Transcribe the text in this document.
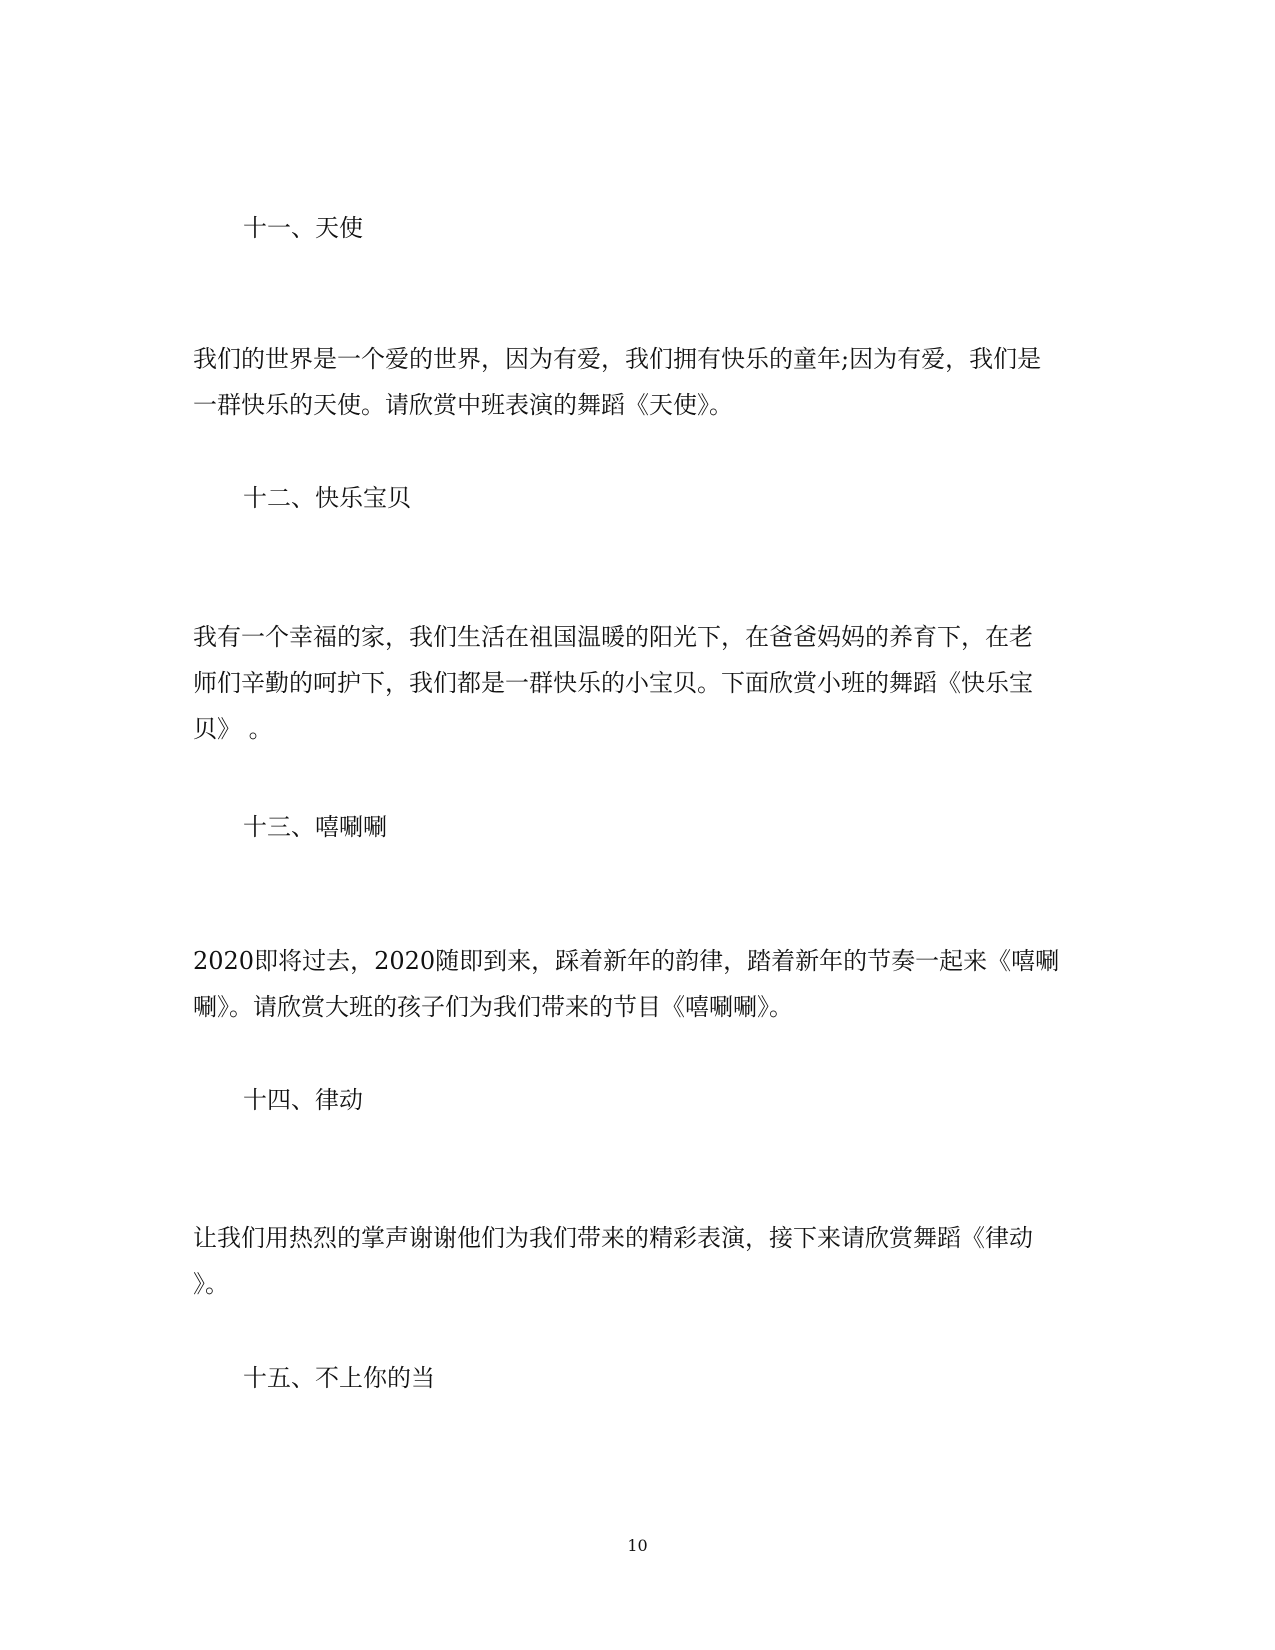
十一、天使
我们的世界是一个爱的世界，因为有爱，我们拥有快乐的童年;因为有爱，我们是
一群快乐的天使。请欣赏中班表演的舞蹈《天使》。
十二、快乐宝贝
我有一个幸福的家，我们生活在祖国温暖的阳光下，在爸爸妈妈的养育下，在老
师们辛勤的呵护下，我们都是一群快乐的小宝贝。下面欣赏小班的舞蹈《快乐宝
贝》 。
十三、嘻唰唰
2020即将过去，2020随即到来，踩着新年的韵律，踏着新年的节奏一起来《嘻唰
唰》。请欣赏大班的孩子们为我们带来的节目《嘻唰唰》。
十四、律动
让我们用热烈的掌声谢谢他们为我们带来的精彩表演，接下来请欣赏舞蹈《律动
》。
十五、不上你的当
10
